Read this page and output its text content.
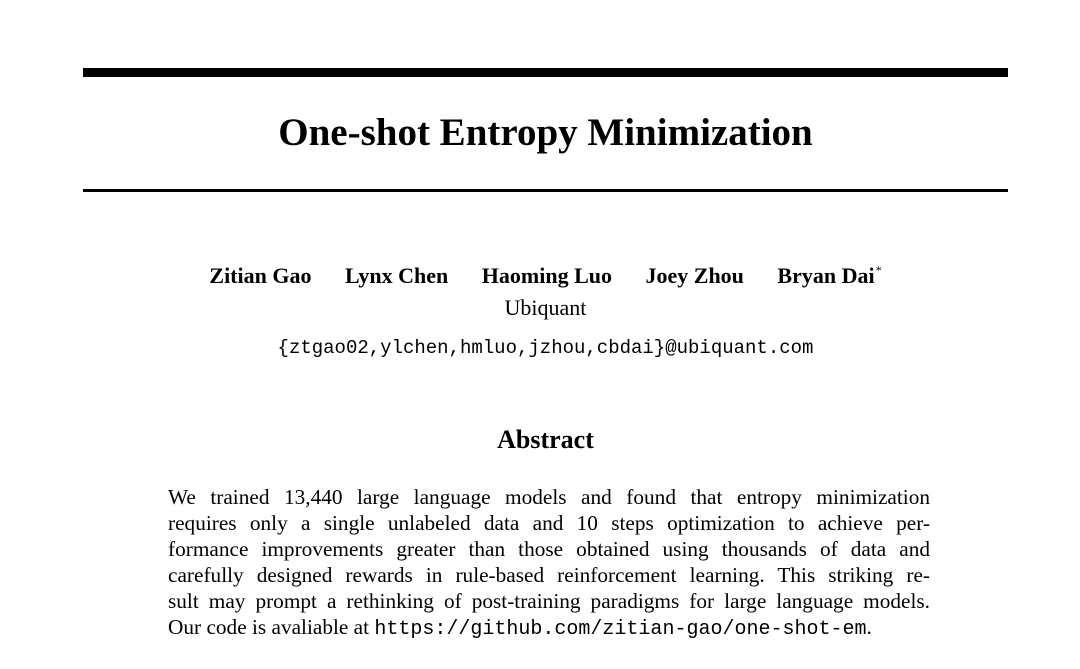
One-shot Entropy Minimization
Zitian Gao Lynx Chen Haoming Luo Joey Zhou Bryan Dai*
Ubiquant
{ztgao02,ylchen,hmluo,jzhou,cbdai}@ubiquant.com
Abstract
We trained 13,440 large language models and found that entropy minimization
requires only a single unlabeled data and 10 steps optimization to achieve per-
formance improvements greater than those obtained using thousands of data and
carefully designed rewards in rule-based reinforcement learning. This striking re-
sult may prompt a rethinking of post-training paradigms for large language models.
Our code is avaliable at https://github.com/zitian-gao/one-shot-em.
